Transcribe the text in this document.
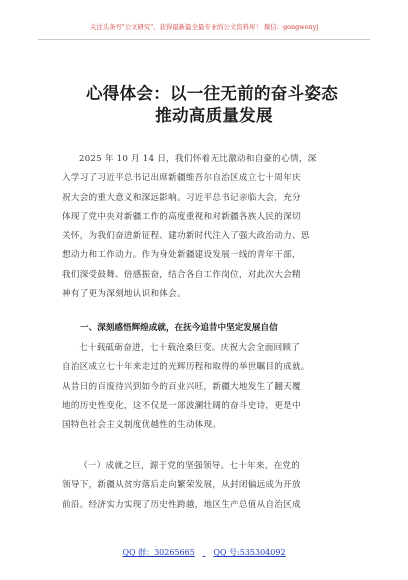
关注头条号"公文研究"，获得最新最全最专业的公文资料库！ 微信：gongwenyj
心得体会：以一往无前的奋斗姿态
推动高质量发展
2025 年 10 月 14 日，我们怀着无比激动和自豪的心情，深
入学习了习近平总书记出席新疆维吾尔自治区成立七十周年庆
祝大会的重大意义和深远影响。习近平总书记亲临大会，充分
体现了党中央对新疆工作的高度重视和对新疆各族人民的深切
关怀，为我们奋进新征程、建功新时代注入了强大政治动力、思
想动力和工作动力。作为身处新疆建设发展一线的青年干部，
我们深受鼓舞、倍感振奋，结合各自工作岗位，对此次大会精
神有了更为深刻地认识和体会。
一、深刻感悟辉煌成就，在抚今追昔中坚定发展自信
七十载砥砺奋进，七十载沧桑巨变。庆祝大会全面回顾了
自治区成立七十年来走过的光辉历程和取得的举世瞩目的成就。
从昔日的百废待兴到如今的百业兴旺，新疆大地发生了翻天覆
地的历史性变化，这不仅是一部波澜壮阔的奋斗史诗，更是中
国特色社会主义制度优越性的生动体现。
（一）成就之巨，源于党的坚强领导。七十年来，在党的
领导下，新疆从贫穷落后走向繁荣发展，从封闭偏远成为开放
前沿。经济实力实现了历史性跨越，地区生产总值从自治区成
QQ 群：30265665 QQ 号:535304092
